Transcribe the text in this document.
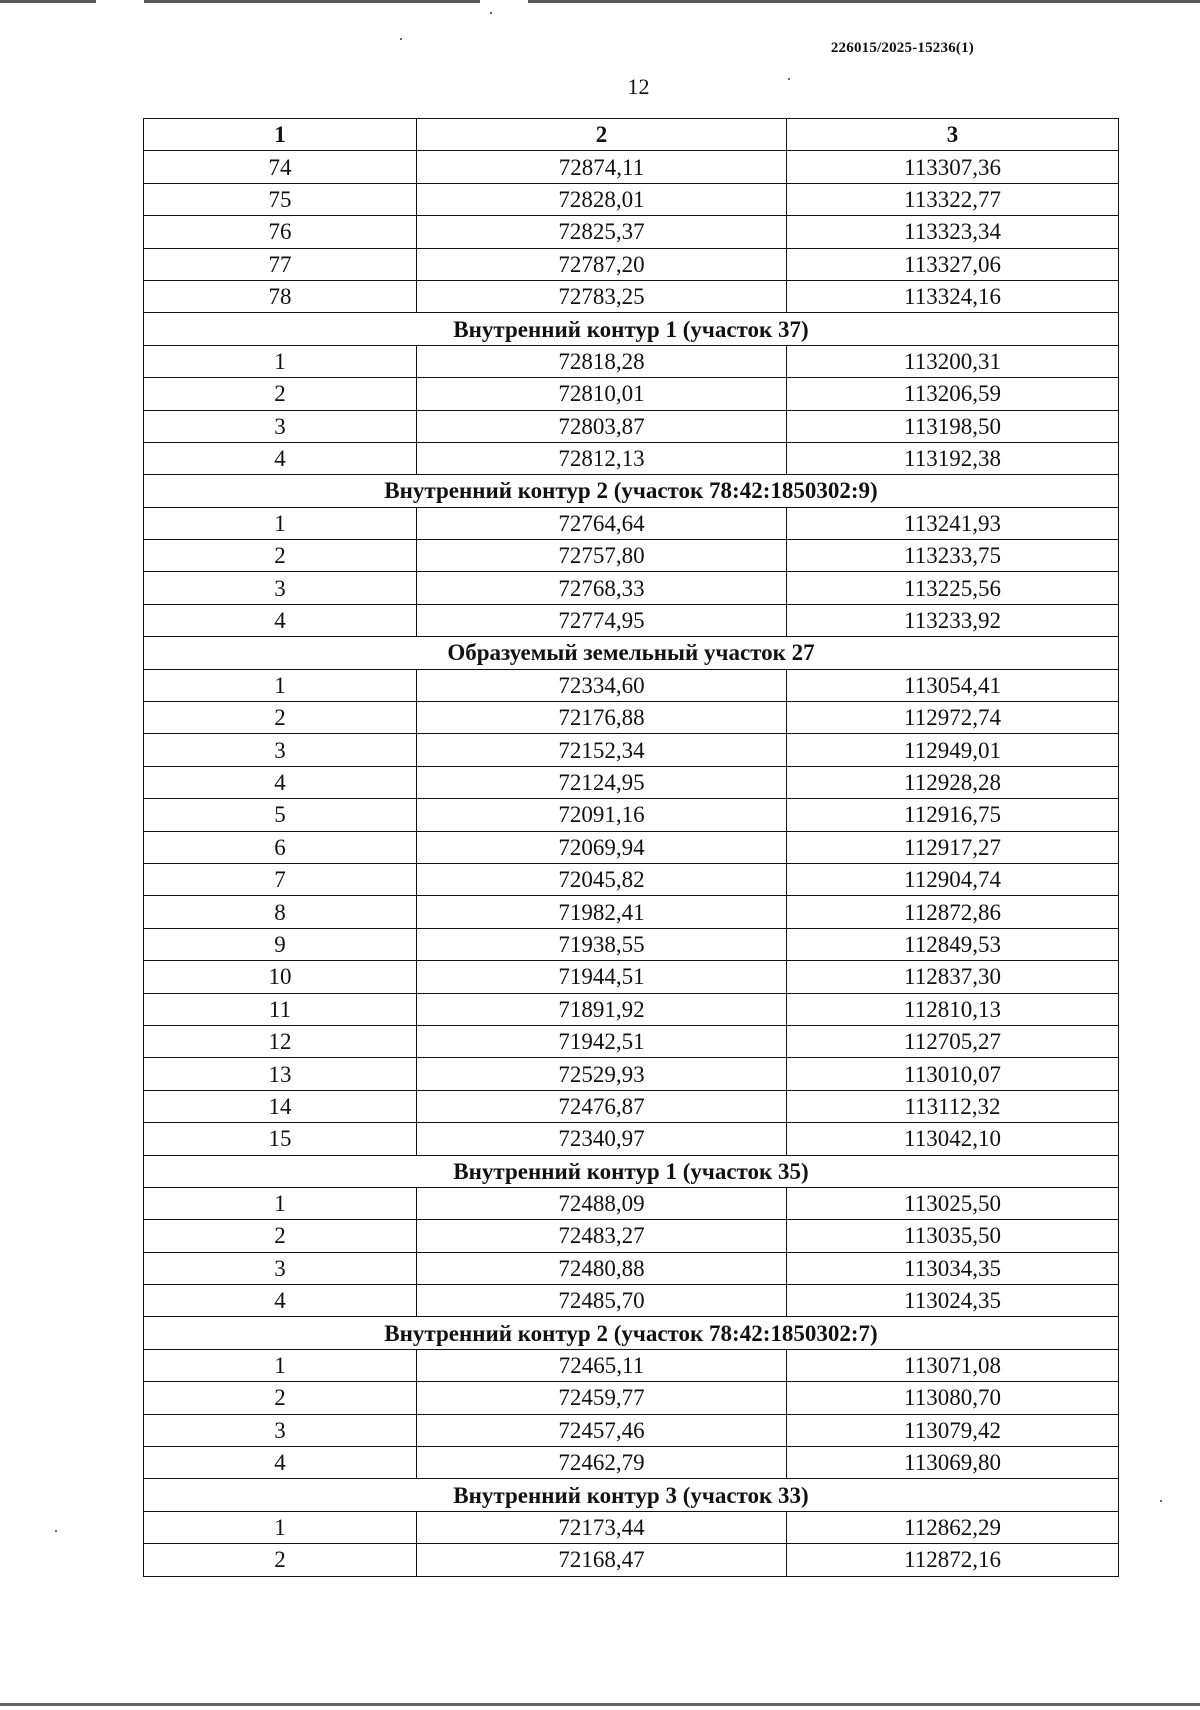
226015/2025-15236(1)
12
1	2	3
74	72874,11	113307,36
75	72828,01	113322,77
76	72825,37	113323,34
77	72787,20	113327,06
78	72783,25	113324,16
Внутренний контур 1 (участок 37)		
1	72818,28	113200,31
2	72810,01	113206,59
3	72803,87	113198,50
4	72812,13	113192,38
Внутренний контур 2 (участок 78:42:1850302:9)		
1	72764,64	113241,93
2	72757,80	113233,75
3	72768,33	113225,56
4	72774,95	113233,92
Образуемый земельный участок 27		
1	72334,60	113054,41
2	72176,88	112972,74
3	72152,34	112949,01
4	72124,95	112928,28
5	72091,16	112916,75
6	72069,94	112917,27
7	72045,82	112904,74
8	71982,41	112872,86
9	71938,55	112849,53
10	71944,51	112837,30
11	71891,92	112810,13
12	71942,51	112705,27
13	72529,93	113010,07
14	72476,87	113112,32
15	72340,97	113042,10
Внутренний контур 1 (участок 35)		
1	72488,09	113025,50
2	72483,27	113035,50
3	72480,88	113034,35
4	72485,70	113024,35
Внутренний контур 2 (участок 78:42:1850302:7)		
1	72465,11	113071,08
2	72459,77	113080,70
3	72457,46	113079,42
4	72462,79	113069,80
Внутренний контур 3 (участок 33)		
1	72173,44	112862,29
2	72168,47	112872,16
